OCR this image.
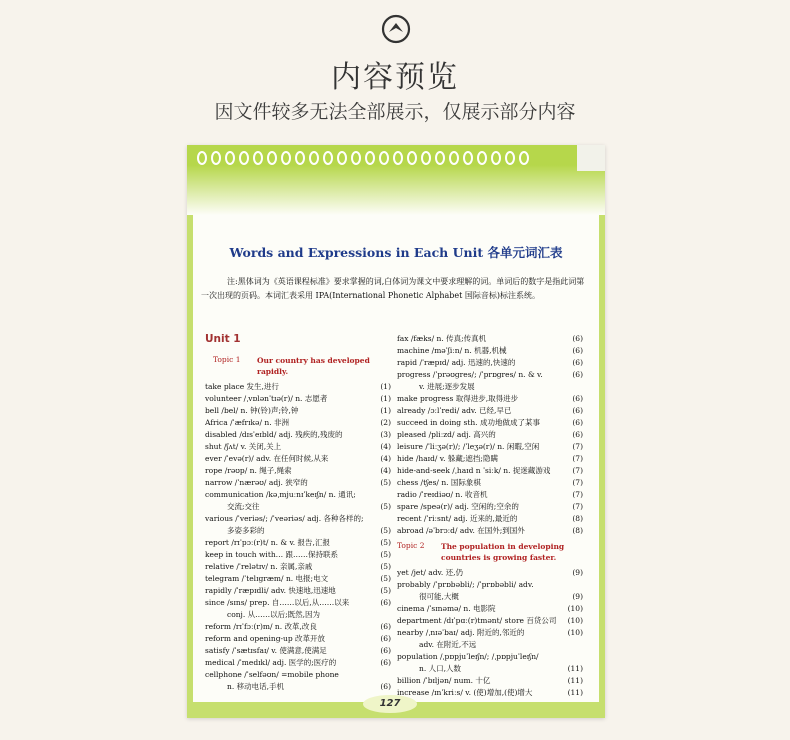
内容预览
因文件较多无法全部展示，仅展示部分内容
127
Words and Expressions in Each Unit 各单元词汇表
注:黑体词为《英语课程标准》要求掌握的词,白体词为课文中要求理解的词。单词后的数字是指此词第一次出现的页码。本词汇表采用 IPA(International Phonetic Alphabet 国际音标)标注系统。
Unit 1
Topic 1	Our country has developed rapidly.
take place 发生,进行	(1)
volunteer /ˌvɒlənˈtɪə(r)/ n. 志愿者	(1)
bell /bel/ n. 钟(铃)声;铃,钟	(1)
Africa /ˈæfrɪkə/ n. 非洲	(2)
disabled /dɪsˈeɪbld/ adj. 残疾的,残废的	(3)
shut /ʃʌt/ v. 关闭,关上	(4)
ever /ˈevə(r)/ adv. 在任何时候,从来	(4)
rope /rəʊp/ n. 绳子,绳索	(4)
narrow /ˈnærəʊ/ adj. 狭窄的	(5)
communication /kəˌmjuːnɪˈkeɪʃn/ n. 通讯;
交流;交往	(5)
various /ˈveriəs/; /ˈveəriəs/ adj. 各种各样的;
多姿多彩的	(5)
report /rɪˈpɔː(r)t/ n. & v. 报告,汇报	(5)
keep in touch with… 跟……保持联系	(5)
relative /ˈrelətɪv/ n. 亲属,亲戚	(5)
telegram /ˈtelɪgræm/ n. 电报;电文	(5)
rapidly /ˈræpɪdli/ adv. 快速地,迅速地	(5)
since /sɪns/ prep. 自……以后,从……以来	(6)
conj. 从……以后;既然,因为
reform /rɪˈfɔː(r)m/ n. 改革,改良	(6)
reform and opening-up 改革开放	(6)
satisfy /ˈsætɪsfaɪ/ v. 使满意,使满足	(6)
medical /ˈmedɪkl/ adj. 医学的;医疗的	(6)
cellphone /ˈselfəʊn/ =mobile phone
n. 移动电话,手机	(6)
fax /fæks/ n. 传真;传真机	(6)
machine /məˈʃiːn/ n. 机器,机械	(6)
rapid /ˈræpɪd/ adj. 迅速的,快速的	(6)
progress /ˈprəʊgres/; /ˈprɒgres/ n. & v.	(6)
v. 进展;逐步发展
make progress 取得进步,取得进步	(6)
already /ɔːlˈredi/ adv. 已经,早已	(6)
succeed in doing sth. 成功地做成了某事	(6)
pleased /pliːzd/ adj. 高兴的	(6)
leisure /ˈliːʒə(r)/; /ˈleʒə(r)/ n. 闲暇,空闲	(7)
hide /haɪd/ v. 躲藏;遮挡;隐瞒	(7)
hide-and-seek /ˌhaɪd n ˈsiːk/ n. 捉迷藏游戏	(7)
chess /tʃes/ n. 国际象棋	(7)
radio /ˈreɪdiəʊ/ n. 收音机	(7)
spare /speə(r)/ adj. 空闲的;空余的	(7)
recent /ˈriːsnt/ adj. 近来的,最近的	(8)
abroad /əˈbrɔːd/ adv. 在国外;到国外	(8)
Topic 2	The population in developing countries is growing faster.
yet /jet/ adv. 还,仍	(9)
probably /ˈprɒbəbli/; /ˈprɒbəbli/ adv.
很可能,大概	(9)
cinema /ˈsɪnəmə/ n. 电影院	(10)
department /dɪˈpɑː(r)tmənt/ store 百货公司	(10)
nearby /ˌnɪəˈbaɪ/ adj. 附近的,邻近的	(10)
adv. 在附近,不远
population /ˌpɒpjuˈleɪʃn/; /ˌpɒpjuˈleɪʃn/
n. 人口,人数	(11)
billion /ˈbɪljən/ num. 十亿	(11)
increase /ɪnˈkriːs/ v. (使)增加,(使)增大	(11)
